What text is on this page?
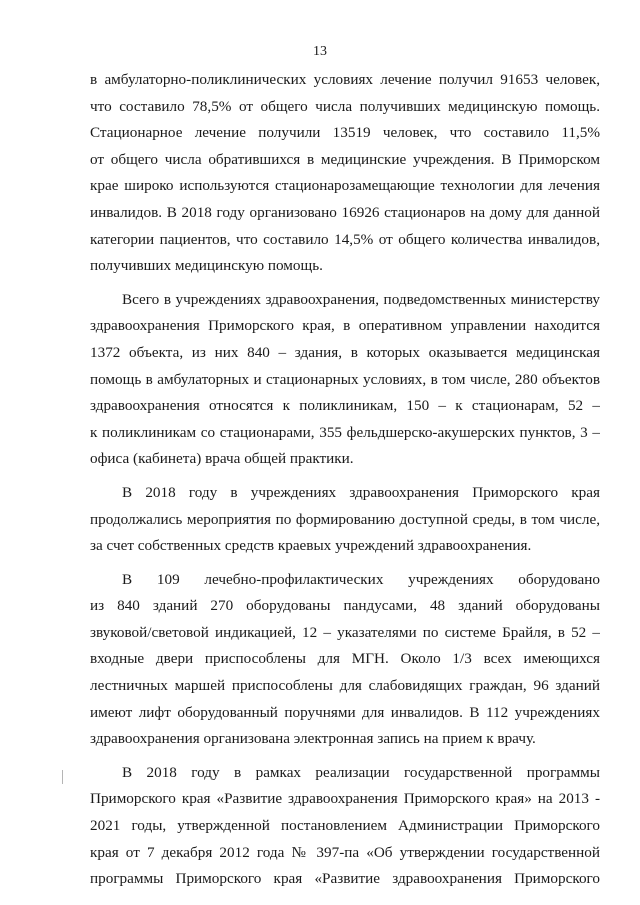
13
в амбулаторно-поликлинических условиях лечение получил 91653 человек,
что составило 78,5% от общего числа получивших медицинскую помощь.
Стационарное лечение получили 13519 человек, что составило 11,5%
от общего числа обратившихся в медицинские учреждения. В Приморском
крае широко используются стационарозамещающие технологии для лечения
инвалидов. В 2018 году организовано 16926 стационаров на дому для данной
категории пациентов, что составило 14,5% от общего количества инвалидов,
получивших медицинскую помощь.
Всего в учреждениях здравоохранения, подведомственных министерству
здравоохранения Приморского края, в оперативном управлении находится
1372 объекта, из них 840 – здания, в которых оказывается медицинская
помощь в амбулаторных и стационарных условиях, в том числе, 280 объектов
здравоохранения относятся к поликлиникам, 150 – к стационарам, 52 –
к поликлиникам со стационарами, 355 фельдшерско-акушерских пунктов, 3 –
офиса (кабинета) врача общей практики.
В 2018 году в учреждениях здравоохранения Приморского края
продолжались мероприятия по формированию доступной среды, в том числе,
за счет собственных средств краевых учреждений здравоохранения.
В 109 лечебно-профилактических учреждениях оборудовано
из 840 зданий 270 оборудованы пандусами, 48 зданий оборудованы
звуковой/световой индикацией, 12 – указателями по системе Брайля, в 52 –
входные двери приспособлены для МГН. Около 1/3 всех имеющихся
лестничных маршей приспособлены для слабовидящих граждан, 96 зданий
имеют лифт оборудованный поручнями для инвалидов. В 112 учреждениях
здравоохранения организована электронная запись на прием к врачу.
В 2018 году в рамках реализации государственной программы
Приморского края «Развитие здравоохранения Приморского края» на 2013 -
2021 годы, утвержденной постановлением Администрации Приморского
края от 7 декабря 2012 года № 397-па «Об утверждении государственной
программы Приморского края «Развитие здравоохранения Приморского
